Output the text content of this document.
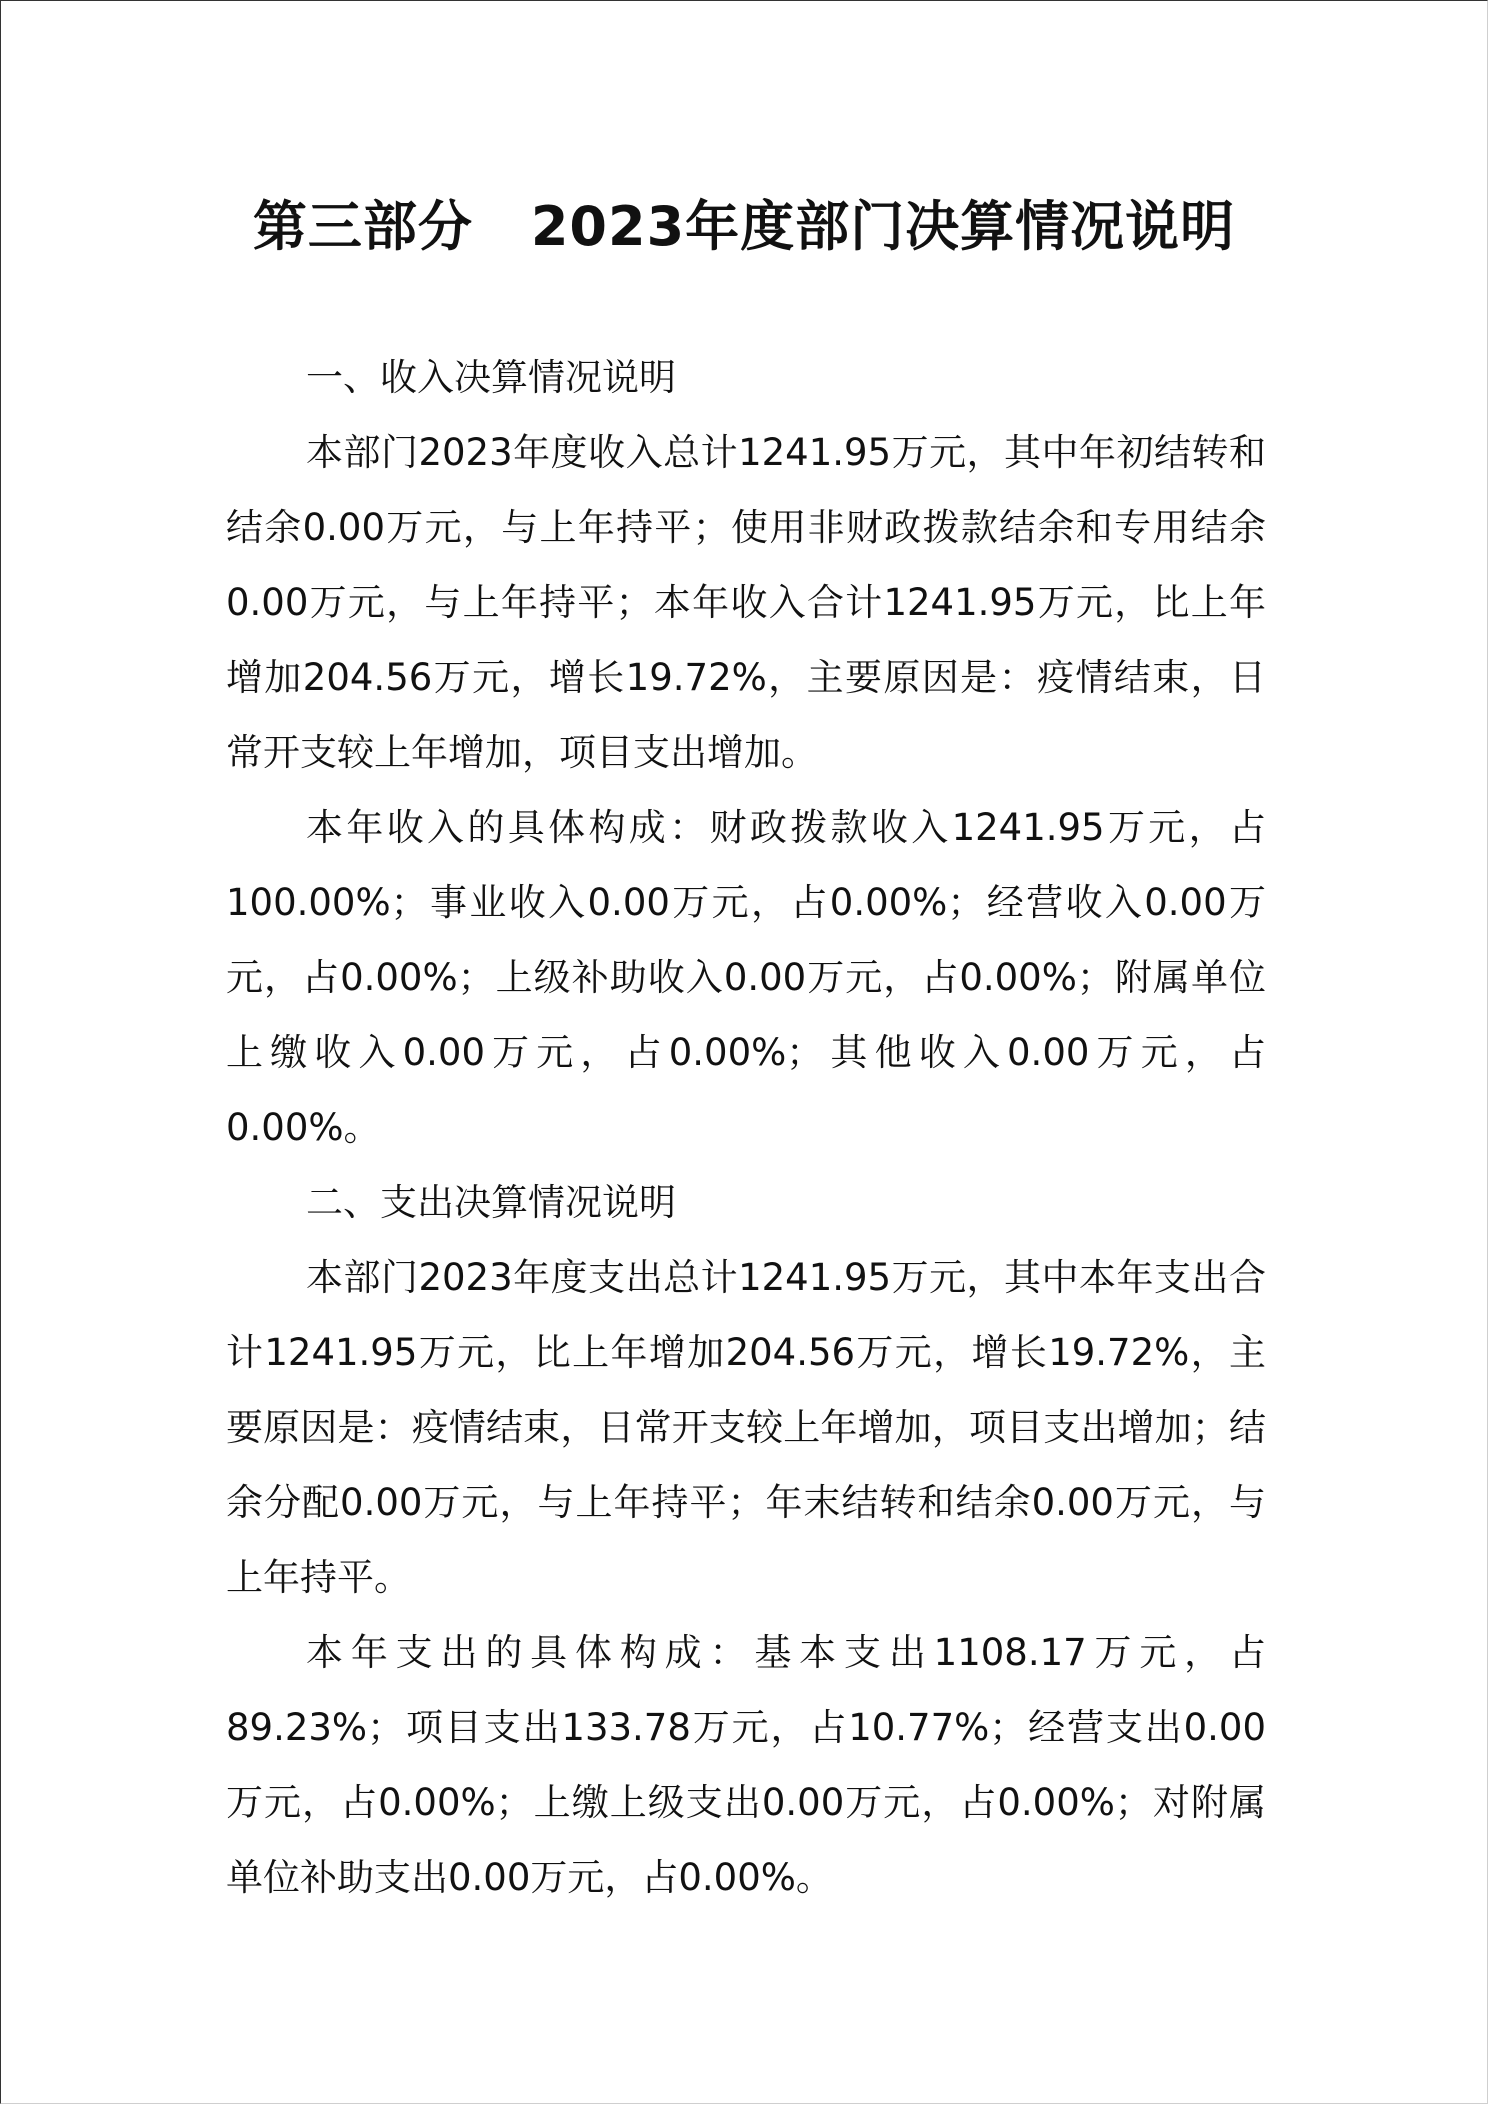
第三部分 2023年度部门决算情况说明
一、收入决算情况说明

本部门2023年度收入总计1241.95万元，其中年初结转和结余0.00万元，与上年持平；使用非财政拨款结余和专用结余0.00万元，与上年持平；本年收入合计1241.95万元，比上年增加204.56万元，增长19.72%，主要原因是：疫情结束，日常开支较上年增加，项目支出增加。

本年收入的具体构成：财政拨款收入1241.95万元，占100.00%；事业收入0.00万元，占0.00%；经营收入0.00万元，占0.00%；上级补助收入0.00万元，占0.00%；附属单位上缴收入0.00万元，占0.00%；其他收入0.00万元，占0.00%。

二、支出决算情况说明

本部门2023年度支出总计1241.95万元，其中本年支出合计1241.95万元，比上年增加204.56万元，增长19.72%，主要原因是：疫情结束，日常开支较上年增加，项目支出增加；结余分配0.00万元，与上年持平；年末结转和结余0.00万元，与上年持平。

本年支出的具体构成：基本支出1108.17万元，占89.23%；项目支出133.78万元，占10.77%；经营支出0.00万元，占0.00%；上缴上级支出0.00万元，占0.00%；对附属单位补助支出0.00万元，占0.00%。
